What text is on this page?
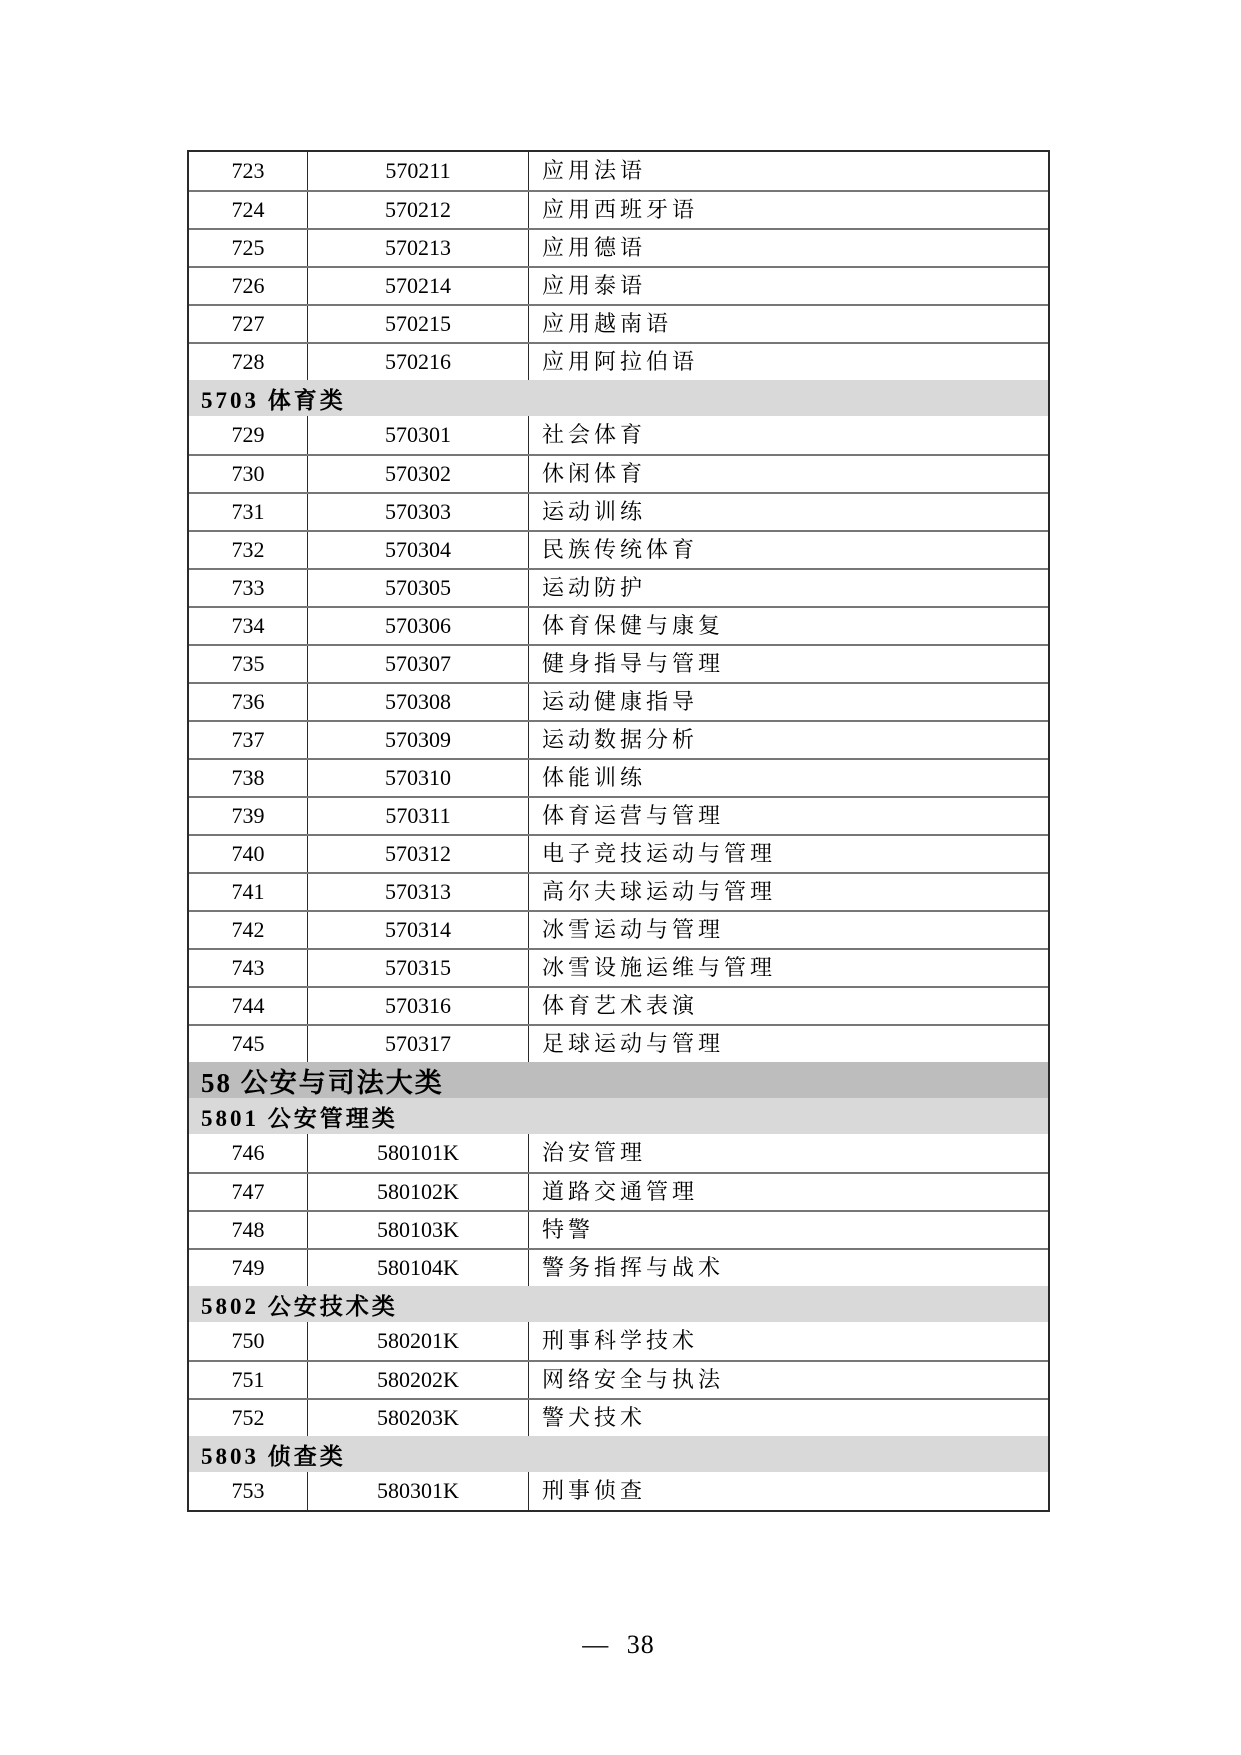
723	570211	应用法语
724	570212	应用西班牙语
725	570213	应用德语
726	570214	应用泰语
727	570215	应用越南语
728	570216	应用阿拉伯语
5703 体育类
729	570301	社会体育
730	570302	休闲体育
731	570303	运动训练
732	570304	民族传统体育
733	570305	运动防护
734	570306	体育保健与康复
735	570307	健身指导与管理
736	570308	运动健康指导
737	570309	运动数据分析
738	570310	体能训练
739	570311	体育运营与管理
740	570312	电子竞技运动与管理
741	570313	高尔夫球运动与管理
742	570314	冰雪运动与管理
743	570315	冰雪设施运维与管理
744	570316	体育艺术表演
745	570317	足球运动与管理
58 公安与司法大类
5801 公安管理类
746	580101K	治安管理
747	580102K	道路交通管理
748	580103K	特警
749	580104K	警务指挥与战术
5802 公安技术类
750	580201K	刑事科学技术
751	580202K	网络安全与执法
752	580203K	警犬技术
5803 侦查类
753	580301K	刑事侦查
— 38
